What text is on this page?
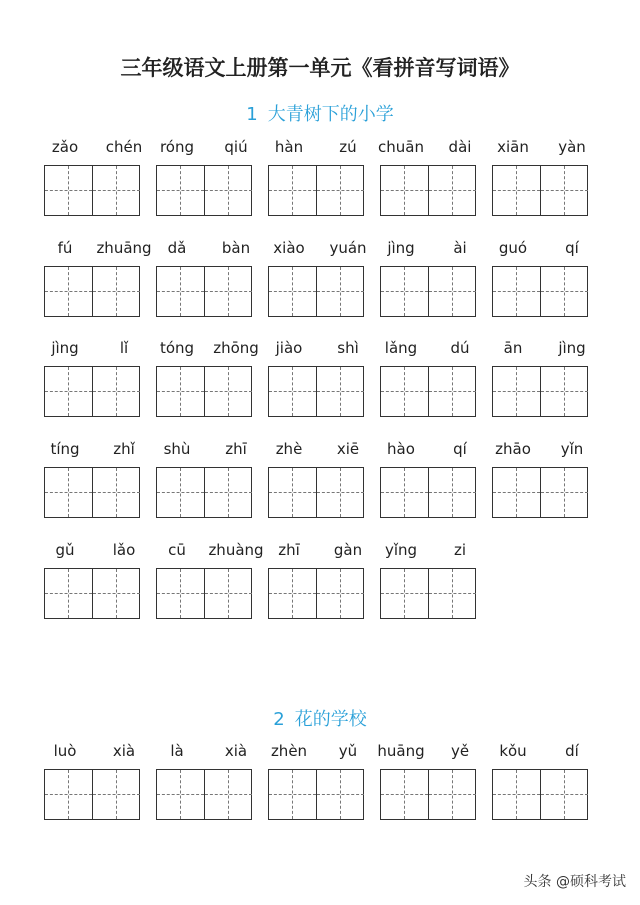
三年级语文上册第一单元《看拼音写词语》
1 大青树下的小学
2 花的学校
zǎo	chén	róng	qiú	hàn	zú	chuān	dài	xiān	yàn
fú	zhuāng	dǎ	bàn	xiào	yuán	jìng	ài	guó	qí
jìng	lǐ	tóng	zhōng	jiào	shì	lǎng	dú	ān	jìng
tíng	zhǐ	shù	zhī	zhè	xiē	hào	qí	zhāo	yǐn
gǔ	lǎo	cū	zhuàng zhī	gàn	yǐng	zi
luò	xià	là	xià	zhèn	yǔ	huāng	yě	kǒu	dí
头条 @硕科考试
